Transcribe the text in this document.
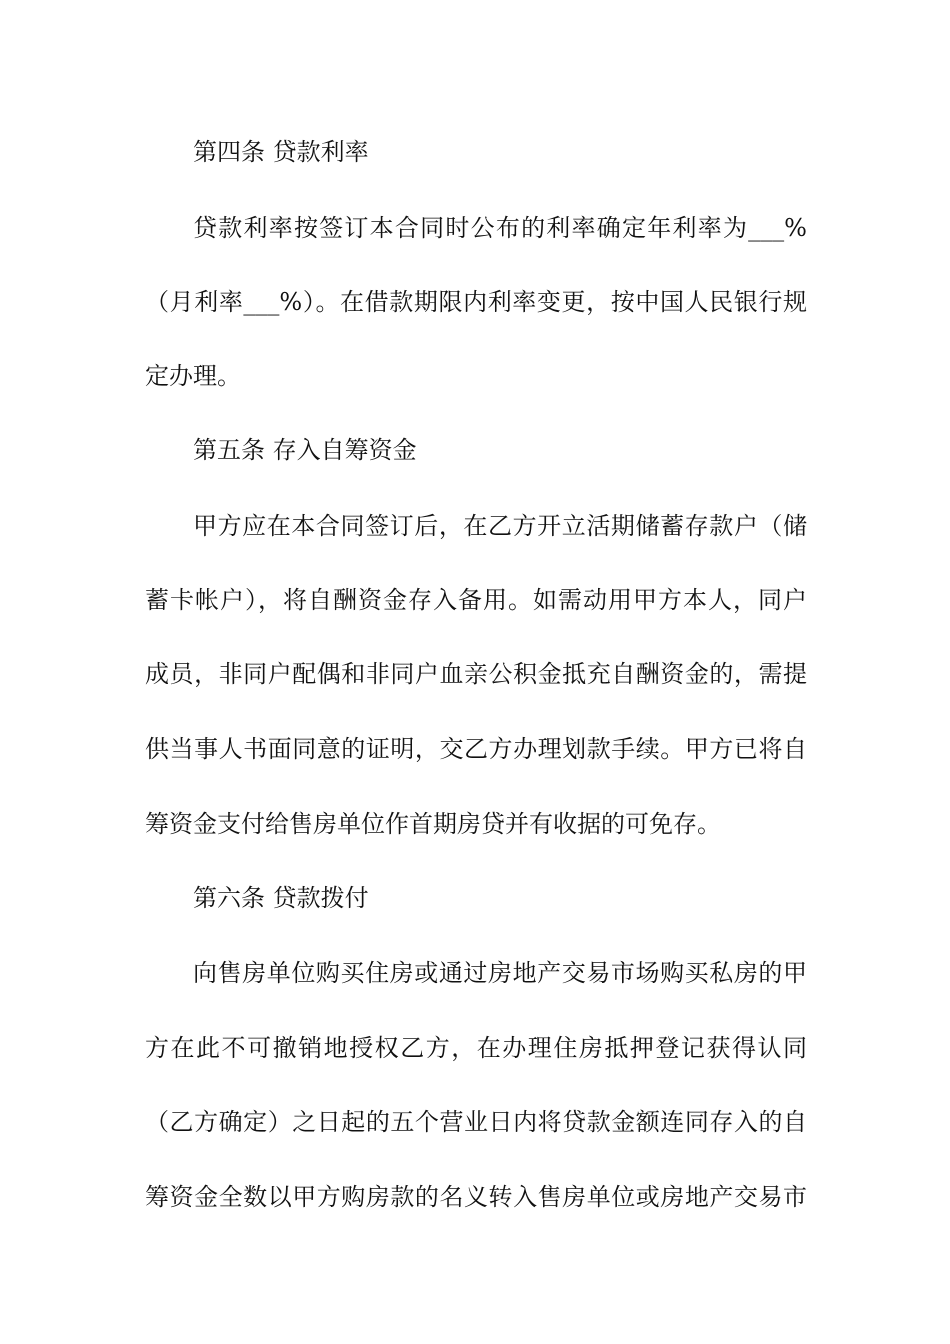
第四条 贷款利率
贷款利率按签订本合同时公布的利率确定年利率为___%
（月利率___%）。在借款期限内利率变更，按中国人民银行规
定办理。
第五条 存入自筹资金
甲方应在本合同签订后，在乙方开立活期储蓄存款户（储
蓄卡帐户），将自酬资金存入备用。如需动用甲方本人，同户
成员，非同户配偶和非同户血亲公积金抵充自酬资金的，需提
供当事人书面同意的证明，交乙方办理划款手续。甲方已将自
筹资金支付给售房单位作首期房贷并有收据的可免存。
第六条 贷款拨付
向售房单位购买住房或通过房地产交易市场购买私房的甲
方在此不可撤销地授权乙方，在办理住房抵押登记获得认同
（乙方确定）之日起的五个营业日内将贷款金额连同存入的自
筹资金全数以甲方购房款的名义转入售房单位或房地产交易市
